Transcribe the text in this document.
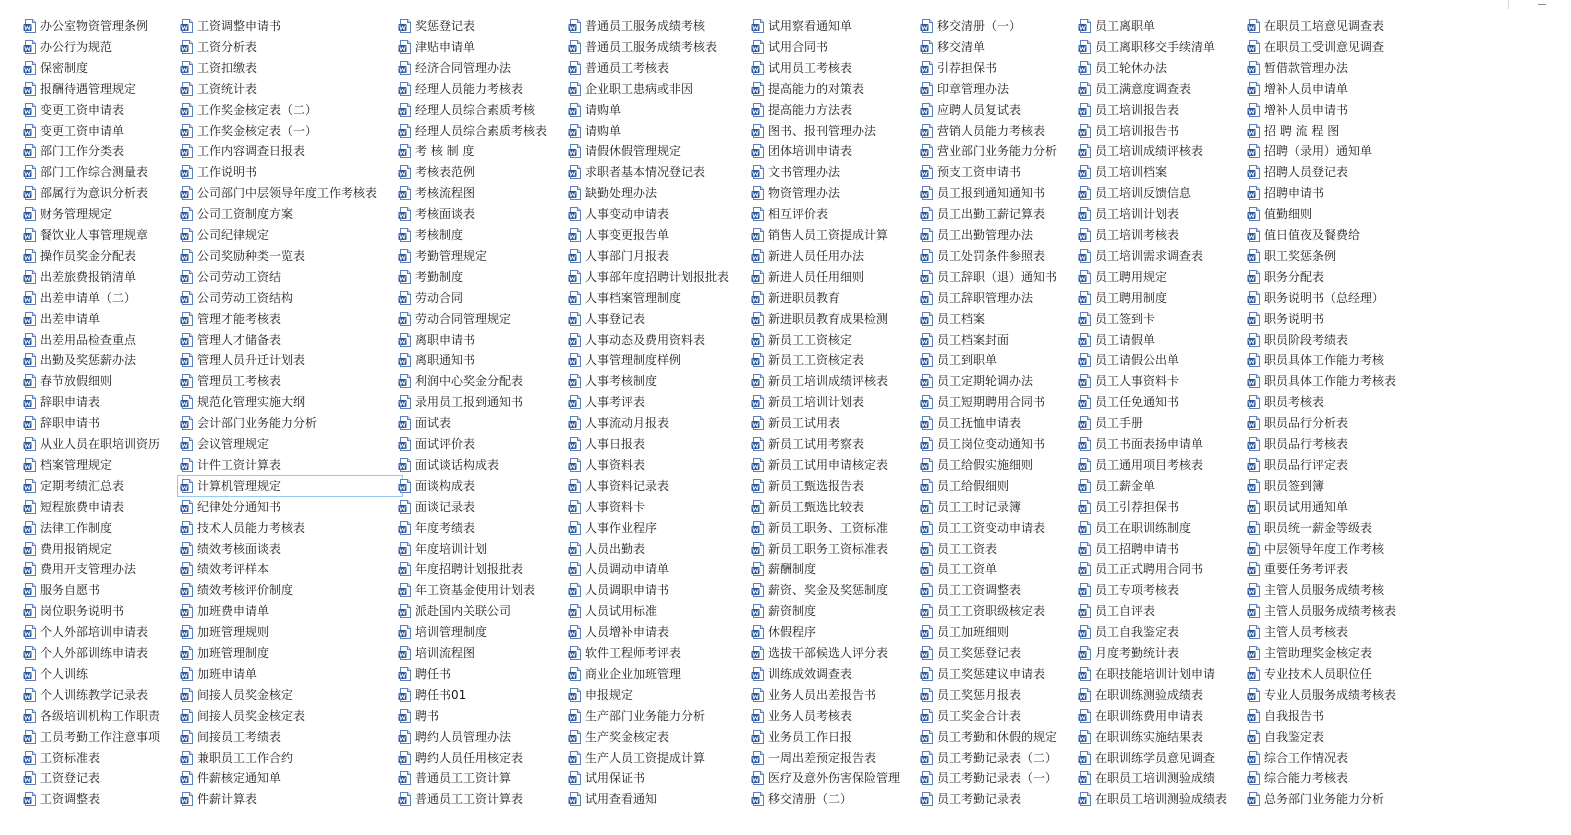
办公室物资管理条例
办公行为规范
保密制度
报酬待遇管理规定
变更工资申请表
变更工资申请单
部门工作分类表
部门工作综合测量表
部属行为意识分析表
财务管理规定
餐饮业人事管理规章
操作员奖金分配表
出差旅费报销清单
出差申请单（二）
出差申请单
出差用品检查重点
出勤及奖惩薪办法
春节放假细则
辞职申请表
辞职申请书
从业人员在职培训资历
档案管理规定
定期考绩汇总表
短程旅费申请表
法律工作制度
费用报销规定
费用开支管理办法
服务自愿书
岗位职务说明书
个人外部培训申请表
个人外部训练申请表
个人训练
个人训练教学记录表
各级培训机构工作职责
工员考勤工作注意事项
工资标准表
工资登记表
工资调整表
工资调整申请书
工资分析表
工资扣缴表
工资统计表
工作奖金核定表（二）
工作奖金核定表（一）
工作内容调查日报表
工作说明书
公司部门中层领导年度工作考核表
公司工资制度方案
公司纪律规定
公司奖励种类一览表
公司劳动工资结
公司劳动工资结构
管理才能考核表
管理人才储备表
管理人员升迁计划表
管理员工考核表
规范化管理实施大纲
会计部门业务能力分析
会议管理规定
计件工资计算表
计算机管理规定
纪律处分通知书
技术人员能力考核表
绩效考核面谈表
绩效考评样本
绩效考核评价制度
加班费申请单
加班管理规则
加班管理制度
加班申请单
间接人员奖金核定
间接人员奖金核定表
间接员工考绩表
兼职员工工作合约
件薪核定通知单
件薪计算表
奖惩登记表
津贴申请单
经济合同管理办法
经理人员能力考核表
经理人员综合素质考核
经理人员综合素质考核表
考 核 制 度
考核表范例
考核流程图
考核面谈表
考核制度
考勤管理规定
考勤制度
劳动合同
劳动合同管理规定
离职申请书
离职通知书
利润中心奖金分配表
录用员工报到通知书
面试表
面试评价表
面试谈话构成表
面谈构成表
面谈记录表
年度考绩表
年度培训计划
年度招聘计划报批表
年工资基金使用计划表
派赴国内关联公司
培训管理制度
培训流程图
聘任书
聘任书01
聘书
聘约人员管理办法
聘约人员任用核定表
普通员工工资计算
普通员工工资计算表
普通员工服务成绩考核
普通员工服务成绩考核表
普通员工考核表
企业职工患病或非因
请购单
请购单
请假休假管理规定
求职者基本情况登记表
缺勤处理办法
人事变动申请表
人事变更报告单
人事部门月报表
人事部年度招聘计划报批表
人事档案管理制度
人事登记表
人事动态及费用资料表
人事管理制度样例
人事考核制度
人事考评表
人事流动月报表
人事日报表
人事资料表
人事资料记录表
人事资料卡
人事作业程序
人员出勤表
人员调动申请单
人员调职申请书
人员试用标准
人员增补申请表
软件工程师考评表
商业企业加班管理
申报规定
生产部门业务能力分析
生产奖金核定表
生产人员工资提成计算
试用保证书
试用查看通知
试用察看通知单
试用合同书
试用员工考核表
提高能力的对策表
提高能力方法表
图书、报刊管理办法
团体培训申请表
文书管理办法
物资管理办法
相互评价表
销售人员工资提成计算
新进人员任用办法
新进人员任用细则
新进职员教育
新进职员教育成果检测
新员工工资核定
新员工工资核定表
新员工培训成绩评核表
新员工培训计划表
新员工试用表
新员工试用考察表
新员工试用申请核定表
新员工甄选报告表
新员工甄选比较表
新员工职务、工资标准
新员工职务工资标准表
薪酬制度
薪资、奖金及奖惩制度
薪资制度
休假程序
选拔干部候选人评分表
训练成效调查表
业务人员出差报告书
业务人员考核表
业务员工作日报
一周出差预定报告表
医疗及意外伤害保险管理
移交清册（二）
移交清册（一）
移交清单
引荐担保书
印章管理办法
应聘人员复试表
营销人员能力考核表
营业部门业务能力分析
预支工资申请书
员工报到通知通知书
员工出勤工薪记算表
员工出勤管理办法
员工处罚条件参照表
员工辞职（退）通知书
员工辞职管理办法
员工档案
员工档案封面
员工到职单
员工定期轮调办法
员工短期聘用合同书
员工抚恤申请表
员工岗位变动通知书
员工给假实施细则
员工给假细则
员工工时记录簿
员工工资变动申请表
员工工资表
员工工资单
员工工资调整表
员工工资职级核定表
员工加班细则
员工奖惩登记表
员工奖惩建议申请表
员工奖惩月报表
员工奖金合计表
员工考勤和休假的规定
员工考勤记录表（二）
员工考勤记录表（一）
员工考勤记录表
员工离职单
员工离职移交手续清单
员工轮休办法
员工满意度调查表
员工培训报告表
员工培训报告书
员工培训成绩评核表
员工培训档案
员工培训反馈信息
员工培训计划表
员工培训考核表
员工培训需求调查表
员工聘用规定
员工聘用制度
员工签到卡
员工请假单
员工请假公出单
员工人事资料卡
员工任免通知书
员工手册
员工书面表扬申请单
员工通用项目考核表
员工薪金单
员工引荐担保书
员工在职训练制度
员工招聘申请书
员工正式聘用合同书
员工专项考核表
员工自评表
员工自我鉴定表
月度考勤统计表
在职技能培训计划申请
在职训练测验成绩表
在职训练费用申请表
在职训练实施结果表
在职训练学员意见调查
在职员工培训测验成绩
在职员工培训测验成绩表
在职员工培意见调查表
在职员工受训意见调查
暂借款管理办法
增补人员申请单
增补人员申请书
招 聘 流 程 图
招聘（录用）通知单
招聘人员登记表
招聘申请书
值勤细则
值日值夜及餐费给
职工奖惩条例
职务分配表
职务说明书（总经理）
职务说明书
职员阶段考绩表
职员具体工作能力考核
职员具体工作能力考核表
职员考核表
职员品行分析表
职员品行考核表
职员品行评定表
职员签到簿
职员试用通知单
职员统一薪金等级表
中层领导年度工作考核
重要任务考评表
主管人员服务成绩考核
主管人员服务成绩考核表
主管人员考核表
主管助理奖金核定表
专业技术人员职位任
专业人员服务成绩考核表
自我报告书
自我鉴定表
综合工作情况表
综合能力考核表
总务部门业务能力分析
